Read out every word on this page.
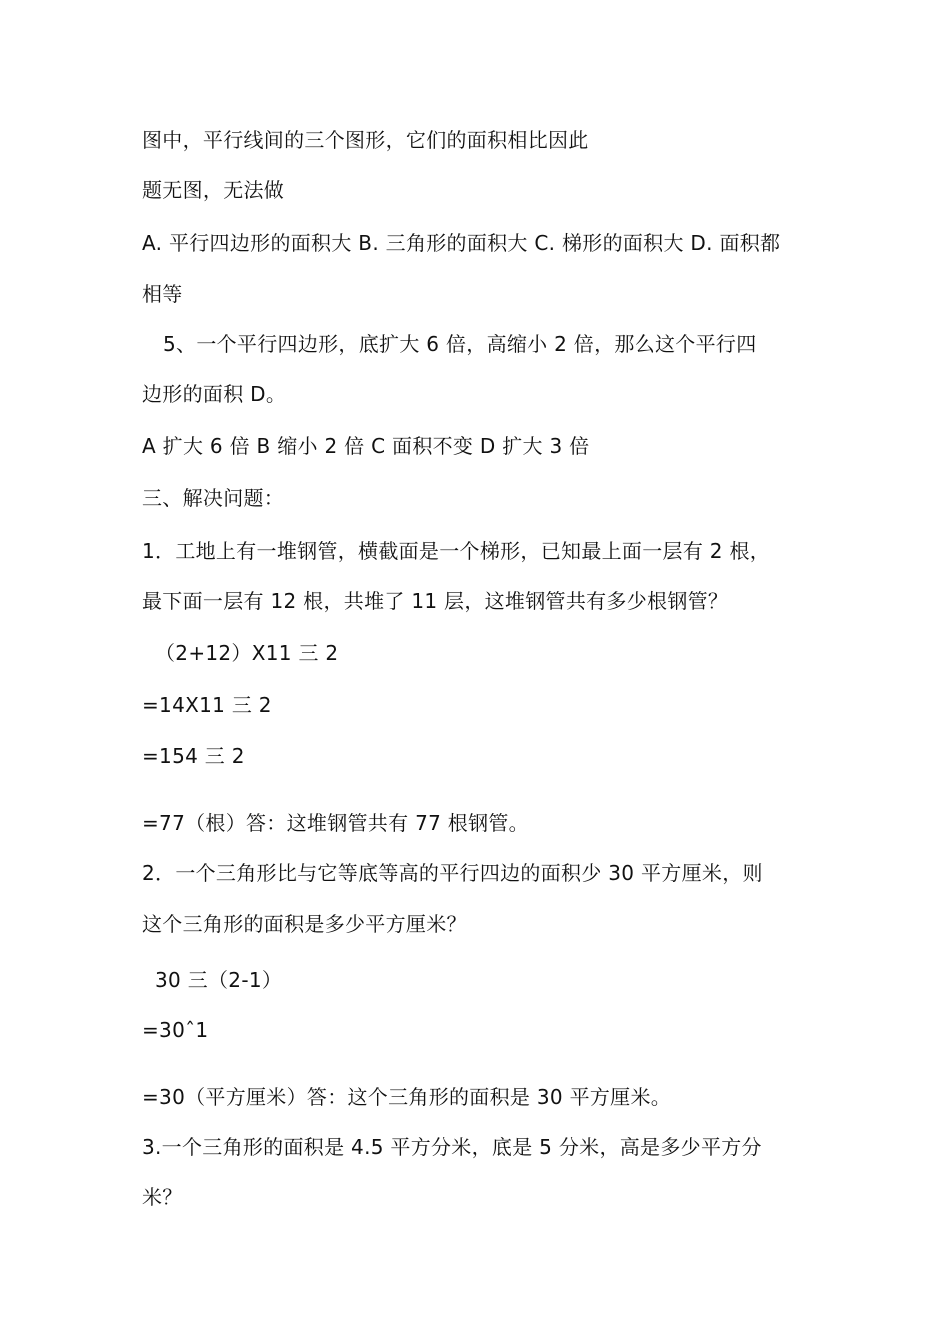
图中，平行线间的三个图形，它们的面积相比因此
题无图，无法做
A. 平行四边形的面积大 B. 三角形的面积大 C. 梯形的面积大 D. 面积都
相等
5、一个平行四边形，底扩大 6 倍，高缩小 2 倍，那么这个平行四
边形的面积 D。
A 扩大 6 倍 B 缩小 2 倍 C 面积不变 D 扩大 3 倍
三、解决问题：
1．工地上有一堆钢管，横截面是一个梯形，已知最上面一层有 2 根，
最下面一层有 12 根，共堆了 11 层，这堆钢管共有多少根钢管？
（2+12）X11 三 2
=14X11 三 2
=154 三 2
=77（根）答：这堆钢管共有 77 根钢管。
2．一个三角形比与它等底等高的平行四边的面积少 30 平方厘米，则
这个三角形的面积是多少平方厘米？
30 三（2-1）
=30ˆ1
=30（平方厘米）答：这个三角形的面积是 30 平方厘米。
3.一个三角形的面积是 4.5 平方分米，底是 5 分米，高是多少平方分
米？
